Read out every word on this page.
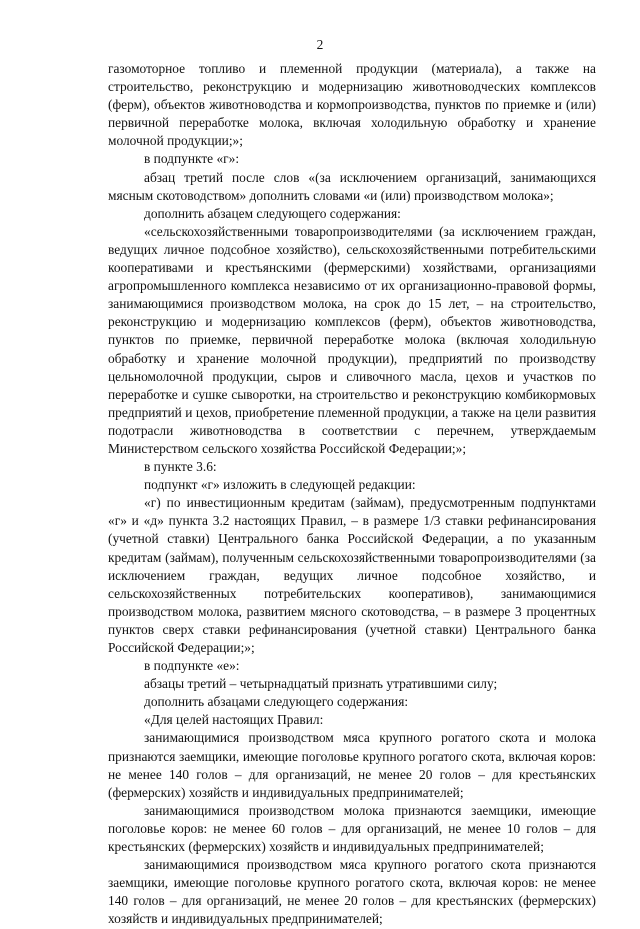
2

газомоторное топливо и племенной продукции (материала), а также на строительство, реконструкцию и модернизацию животноводческих комплексов (ферм), объектов животноводства и кормопроизводства, пунктов по приемке и (или) первичной переработке молока, включая холодильную обработку и хранение молочной продукции;»;

в подпункте «г»:

абзац третий после слов «(за исключением организаций, занимающихся мясным скотоводством» дополнить словами «и (или) производством молока»;

дополнить абзацем следующего содержания:

«сельскохозяйственными товаропроизводителями (за исключением граждан, ведущих личное подсобное хозяйство), сельскохозяйственными потребительскими кооперативами и крестьянскими (фермерскими) хозяйствами, организациями агропромышленного комплекса независимо от их организационно-правовой формы, занимающимися производством молока, на срок до 15 лет, – на строительство, реконструкцию и модернизацию комплексов (ферм), объектов животноводства, пунктов по приемке, первичной переработке молока (включая холодильную обработку и хранение молочной продукции), предприятий по производству цельномолочной продукции, сыров и сливочного масла, цехов и участков по переработке и сушке сыворотки, на строительство и реконструкцию комбикормовых предприятий и цехов, приобретение племенной продукции, а также на цели развития подотрасли животноводства в соответствии с перечнем, утверждаемым Министерством сельского хозяйства Российской Федерации;»;

в пункте 3.6:

подпункт «г» изложить в следующей редакции:

«г) по инвестиционным кредитам (займам), предусмотренным подпунктами «г» и «д» пункта 3.2 настоящих Правил, – в размере 1/3 ставки рефинансирования (учетной ставки) Центрального банка Российской Федерации, а по указанным кредитам (займам), полученным сельскохозяйственными товаропроизводителями (за исключением граждан, ведущих личное подсобное хозяйство, и сельскохозяйственных потребительских кооперативов), занимающимися производством молока, развитием мясного скотоводства, – в размере 3 процентных пунктов сверх ставки рефинансирования (учетной ставки) Центрального банка Российской Федерации;»;

в подпункте «е»:

абзацы третий – четырнадцатый признать утратившими силу;

дополнить абзацами следующего содержания:

«Для целей настоящих Правил:

занимающимися производством мяса крупного рогатого скота и молока признаются заемщики, имеющие поголовье крупного рогатого скота, включая коров: не менее 140 голов – для организаций, не менее 20 голов – для крестьянских (фермерских) хозяйств и индивидуальных предпринимателей;

занимающимися производством молока признаются заемщики, имеющие поголовье коров: не менее 60 голов – для организаций, не менее 10 голов – для крестьянских (фермерских) хозяйств и индивидуальных предпринимателей;

занимающимися производством мяса крупного рогатого скота признаются заемщики, имеющие поголовье крупного рогатого скота, включая коров: не менее 140 голов – для организаций, не менее 20 голов – для крестьянских (фермерских) хозяйств и индивидуальных предпринимателей;
